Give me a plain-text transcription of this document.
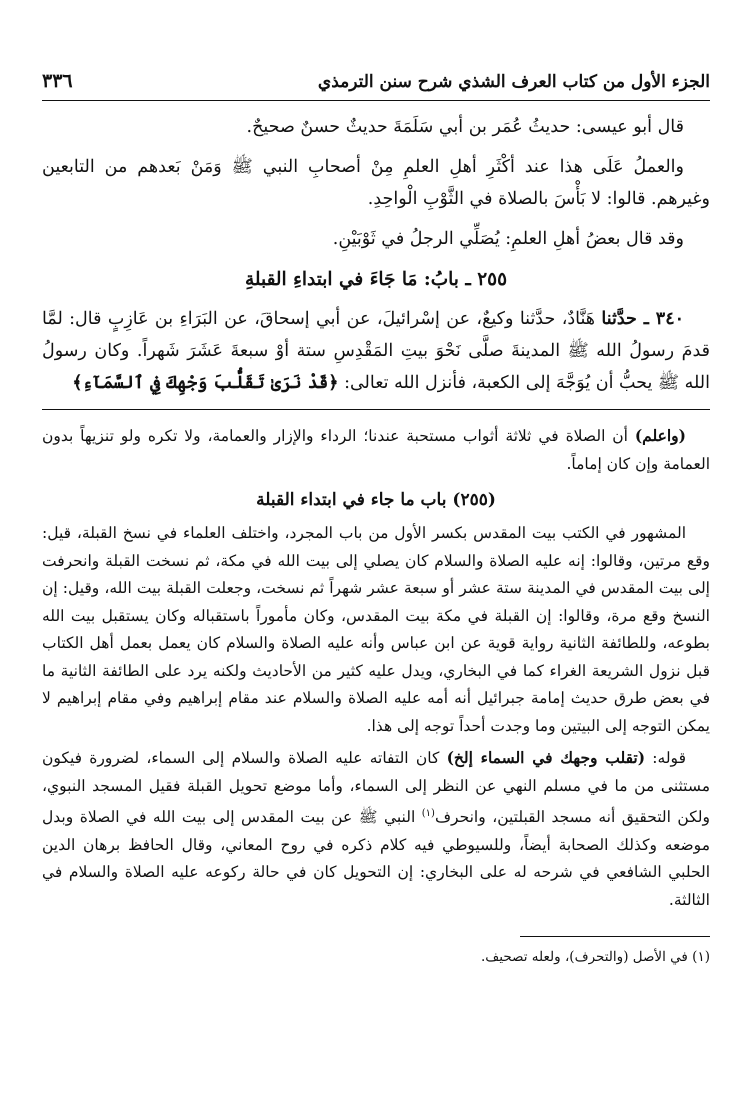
الجزء الأول من كتاب العرف الشذي شرح سنن الترمذي
٣٣٦

قال أبو عيسى: حديثُ عُمَر بن أبي سَلَمَةَ حديثٌ حسنٌ صحيحٌ.

والعملُ عَلَى هذا عند أكْثَرِ أهلِ العلمِ مِنْ أصحابِ النبي ﷺ وَمَنْ بَعدهم من التابعين وغيرهم. قالوا: لا بَأْسَ بالصلاة في الثَّوْبِ الْواحِدِ.

وقد قال بعضُ أهلِ العلمِ: يُصَلِّي الرجلُ في ثَوْبَيْنِ.

٢٥٥ ـ بابُ: مَا جَاءَ في ابتداءِ القبلةِ

٣٤٠ ـ حدَّثنا هَنَّادٌ، حدَّثنا وكيعٌ، عن إسْرائيلَ، عن أبي إسحاقَ، عن البَرَاءِ بن عَازِبٍ قال: لمَّا قدمَ رسولُ الله ﷺ المدينةَ صلَّى نَحْوَ بيتِ المَقْدِسِ ستة أوْ سبعةَ عَشَرَ شَهراً. وكان رسولُ الله ﷺ يحبُّ أن يُوَجَّهَ إلى الكعبة، فأنزل الله تعالى: ﴿قَدْ نَرَىٰ تَقَلُّبَ وَجْهِكَ فِي ٱلسَّمَآءِ﴾

(واعلم) أن الصلاة في ثلاثة أثواب مستحبة عندنا؛ الرداء والإزار والعمامة، ولا تكره ولو تنزيهاً بدون العمامة وإن كان إماماً.

(٢٥٥) باب ما جاء في ابتداء القبلة

المشهور في الكتب بيت المقدس بكسر الأول من باب المجرد، واختلف العلماء في نسخ القبلة، قيل: وقع مرتين، وقالوا: إنه عليه الصلاة والسلام كان يصلي إلى بيت الله في مكة، ثم نسخت القبلة وانحرفت إلى بيت المقدس في المدينة ستة عشر أو سبعة عشر شهراً ثم نسخت، وجعلت القبلة بيت الله، وقيل: إن النسخ وقع مرة، وقالوا: إن القبلة في مكة بيت المقدس، وكان مأموراً باستقباله وكان يستقبل بيت الله بطوعه، وللطائفة الثانية رواية قوية عن ابن عباس وأنه عليه الصلاة والسلام كان يعمل بعمل أهل الكتاب قبل نزول الشريعة الغراء كما في البخاري، ويدل عليه كثير من الأحاديث ولكنه يرد على الطائفة الثانية ما في بعض طرق حديث إمامة جبرائيل أنه أمه عليه الصلاة والسلام عند مقام إبراهيم وفي مقام إبراهيم لا يمكن التوجه إلى البيتين وما وجدت أحداً توجه إلى هذا.

قوله: (تقلب وجهك في السماء إلخ) كان التفاته عليه الصلاة والسلام إلى السماء، لضرورة فيكون مستثنى من ما في مسلم النهي عن النظر إلى السماء، وأما موضع تحويل القبلة فقيل المسجد النبوي، ولكن التحقيق أنه مسجد القبلتين، وانحرف$^{(١)}$ النبي ﷺ عن بيت المقدس إلى بيت الله في الصلاة وبدل موضعه وكذلك الصحابة أيضاً، وللسيوطي فيه كلام ذكره في روح المعاني، وقال الحافظ برهان الدين الحلبي الشافعي في شرحه له على البخاري: إن التحويل كان في حالة ركوعه عليه الصلاة والسلام في الثالثة.

(١) في الأصل (والتحرف)، ولعله تصحيف.
